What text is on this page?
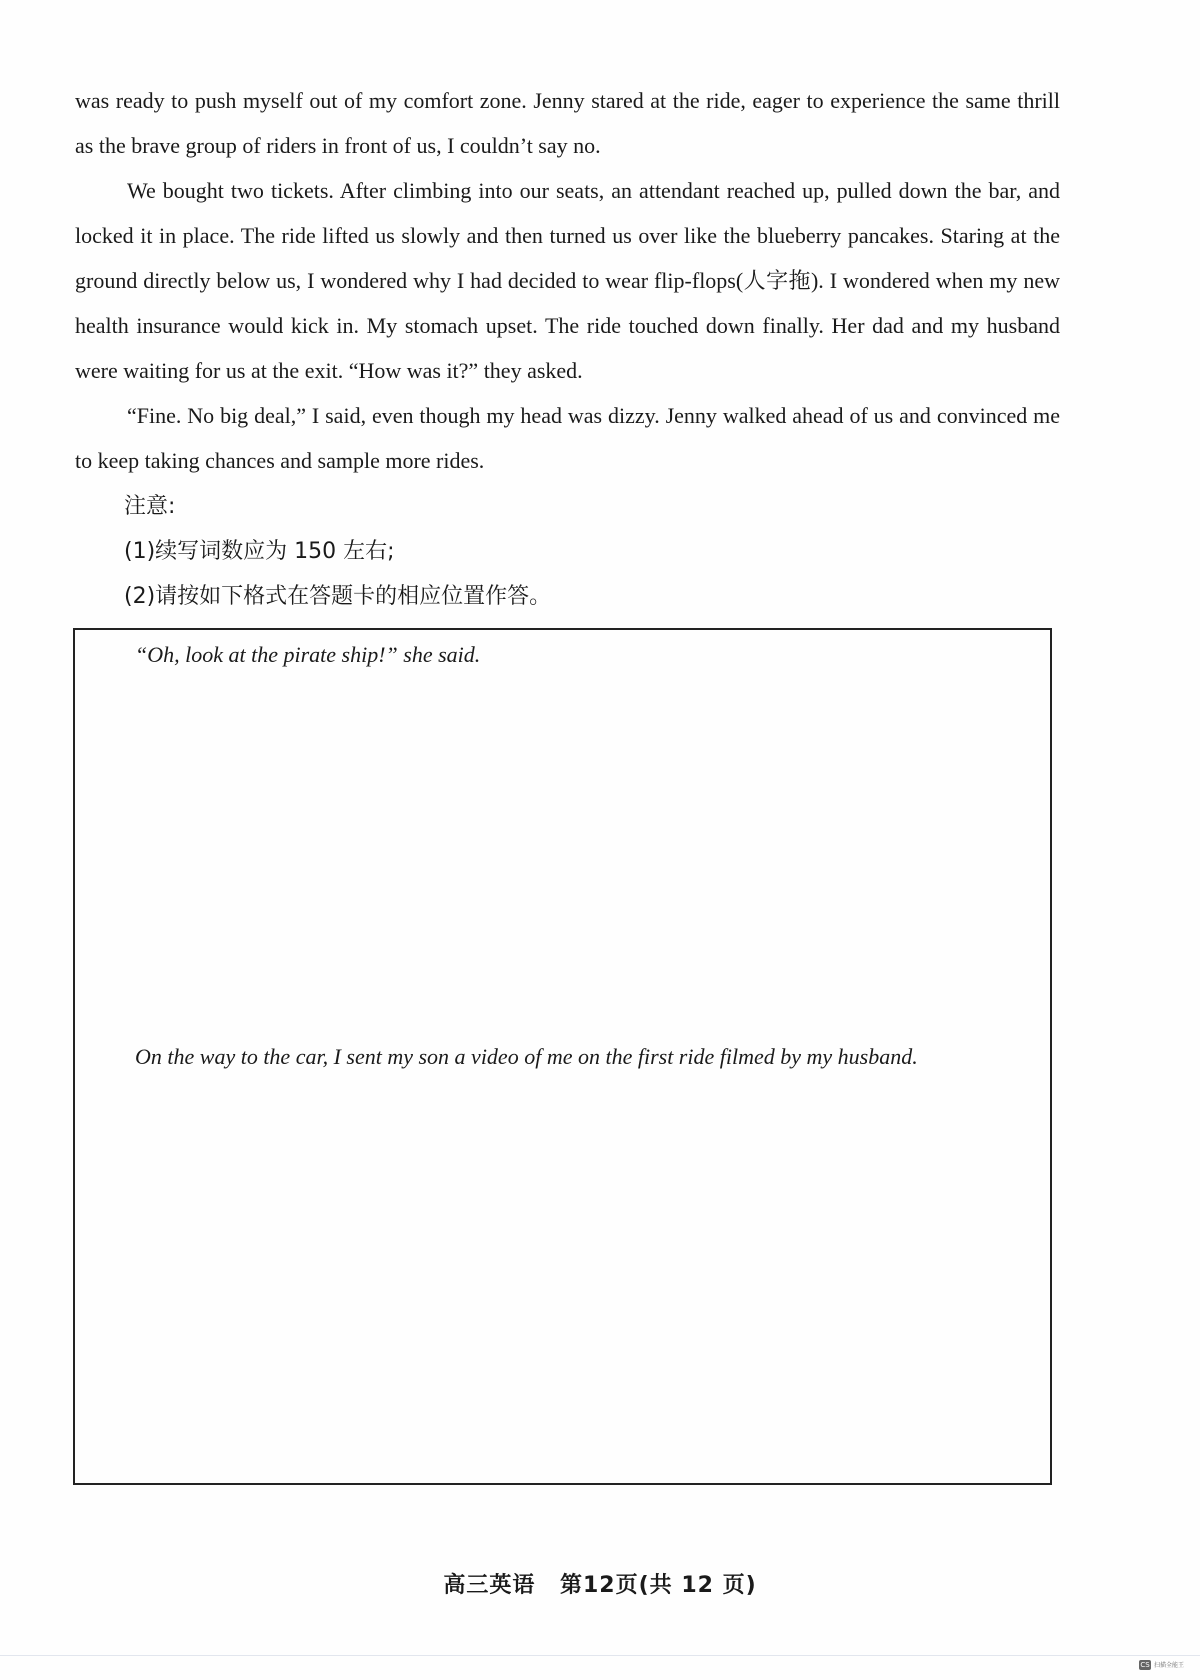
was ready to push myself out of my comfort zone. Jenny stared at the ride, eager to experience the same thrill as the brave group of riders in front of us, I couldn’t say no.

We bought two tickets. After climbing into our seats, an attendant reached up, pulled down the bar, and locked it in place. The ride lifted us slowly and then turned us over like the blueberry pancakes. Staring at the ground directly below us, I wondered why I had decided to wear flip-flops(人字拖). I wondered when my new health insurance would kick in. My stomach upset. The ride touched down finally. Her dad and my husband were waiting for us at the exit. “How was it?” they asked.

“Fine. No big deal,” I said, even though my head was dizzy. Jenny walked ahead of us and convinced me to keep taking chances and sample more rides.

注意:
(1)续写词数应为 150 左右;
(2)请按如下格式在答题卡的相应位置作答。
“Oh, look at the pirate ship!” she said.
On the way to the car, I sent my son a video of me on the first ride filmed by my husband.
高三英语 第12页(共 12 页)
CS 扫描全能王
